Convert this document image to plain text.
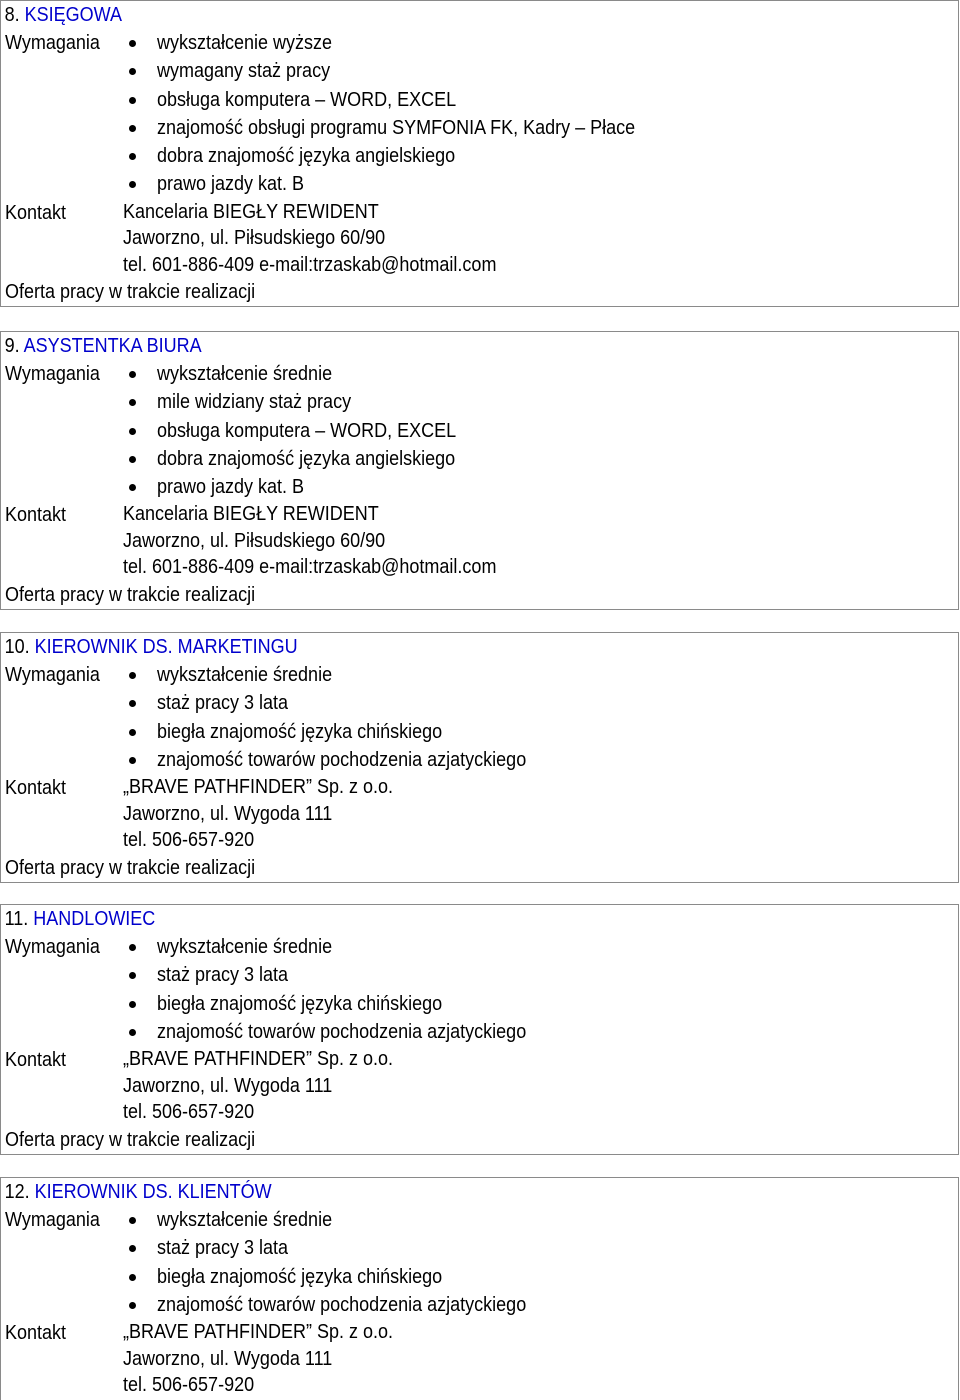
8. KSIĘGOWA
Wymagania	wykształcenie wyższe
wymagany staż pracy
obsługa komputera – WORD, EXCEL
znajomość obsługi programu SYMFONIA FK, Kadry – Płace
dobra znajomość języka angielskiego
prawo jazdy kat. B
Kontakt	Kancelaria BIEGŁY REWIDENT
Jaworzno, ul. Piłsudskiego 60/90
tel. 601-886-409 e-mail:trzaskab@hotmail.com
Oferta pracy w trakcie realizacji
9. ASYSTENTKA BIURA
Wymagania	wykształcenie średnie
mile widziany staż pracy
obsługa komputera – WORD, EXCEL
dobra znajomość języka angielskiego
prawo jazdy kat. B
Kontakt	Kancelaria BIEGŁY REWIDENT
Jaworzno, ul. Piłsudskiego 60/90
tel. 601-886-409 e-mail:trzaskab@hotmail.com
Oferta pracy w trakcie realizacji
10. KIEROWNIK DS. MARKETINGU
Wymagania	wykształcenie średnie
staż pracy 3 lata
biegła znajomość języka chińskiego
znajomość towarów pochodzenia azjatyckiego
Kontakt	„BRAVE PATHFINDER” Sp. z o.o.
Jaworzno, ul. Wygoda 111
tel. 506-657-920
Oferta pracy w trakcie realizacji
11. HANDLOWIEC
Wymagania	wykształcenie średnie
staż pracy 3 lata
biegła znajomość języka chińskiego
znajomość towarów pochodzenia azjatyckiego
Kontakt	„BRAVE PATHFINDER” Sp. z o.o.
Jaworzno, ul. Wygoda 111
tel. 506-657-920
Oferta pracy w trakcie realizacji
12. KIEROWNIK DS. KLIENTÓW
Wymagania	wykształcenie średnie
staż pracy 3 lata
biegła znajomość języka chińskiego
znajomość towarów pochodzenia azjatyckiego
Kontakt	„BRAVE PATHFINDER” Sp. z o.o.
Jaworzno, ul. Wygoda 111
tel. 506-657-920
